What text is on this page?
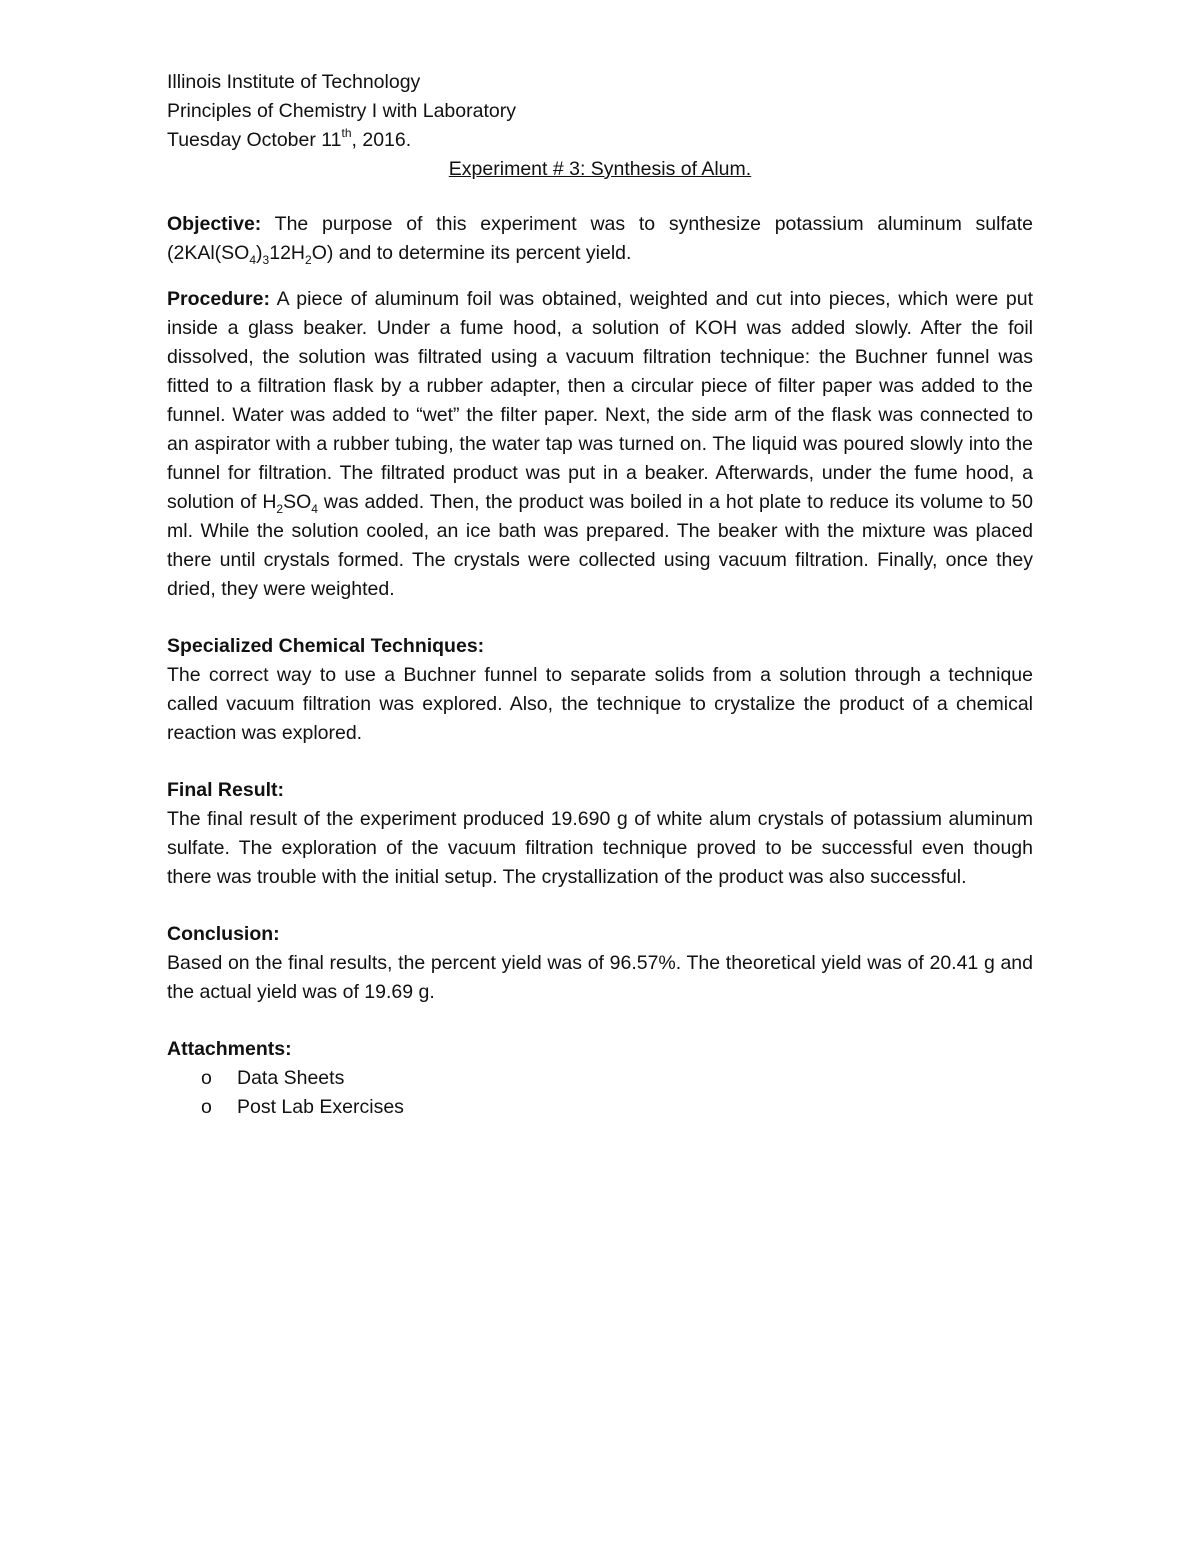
Illinois Institute of Technology

Principles of Chemistry I with Laboratory

Tuesday October 11th, 2016.

Experiment # 3: Synthesis of Alum.

Objective: The purpose of this experiment was to synthesize potassium aluminum sulfate $(2KAl(SO_4)_312H_2O)$ and to determine its percent yield.

Procedure: A piece of aluminum foil was obtained, weighted and cut into pieces, which were put inside a glass beaker. Under a fume hood, a solution of KOH was added slowly. After the foil dissolved, the solution was filtrated using a vacuum filtration technique: the Buchner funnel was fitted to a filtration flask by a rubber adapter, then a circular piece of filter paper was added to the funnel. Water was added to “wet” the filter paper. Next, the side arm of the flask was connected to an aspirator with a rubber tubing, the water tap was turned on. The liquid was poured slowly into the funnel for filtration. The filtrated product was put in a beaker. Afterwards, under the fume hood, a solution of $H_2SO_4$ was added. Then, the product was boiled in a hot plate to reduce its volume to 50 ml. While the solution cooled, an ice bath was prepared. The beaker with the mixture was placed there until crystals formed. The crystals were collected using vacuum filtration. Finally, once they dried, they were weighted.

Specialized Chemical Techniques:

The correct way to use a Buchner funnel to separate solids from a solution through a technique called vacuum filtration was explored. Also, the technique to crystalize the product of a chemical reaction was explored.

Final Result:

The final result of the experiment produced 19.690 g of white alum crystals of potassium aluminum sulfate. The exploration of the vacuum filtration technique proved to be successful even though there was trouble with the initial setup. The crystallization of the product was also successful.

Conclusion:

Based on the final results, the percent yield was of 96.57%. The theoretical yield was of 20.41 g and the actual yield was of 19.69 g.

Attachments:

o Data Sheets
o Post Lab Exercises
